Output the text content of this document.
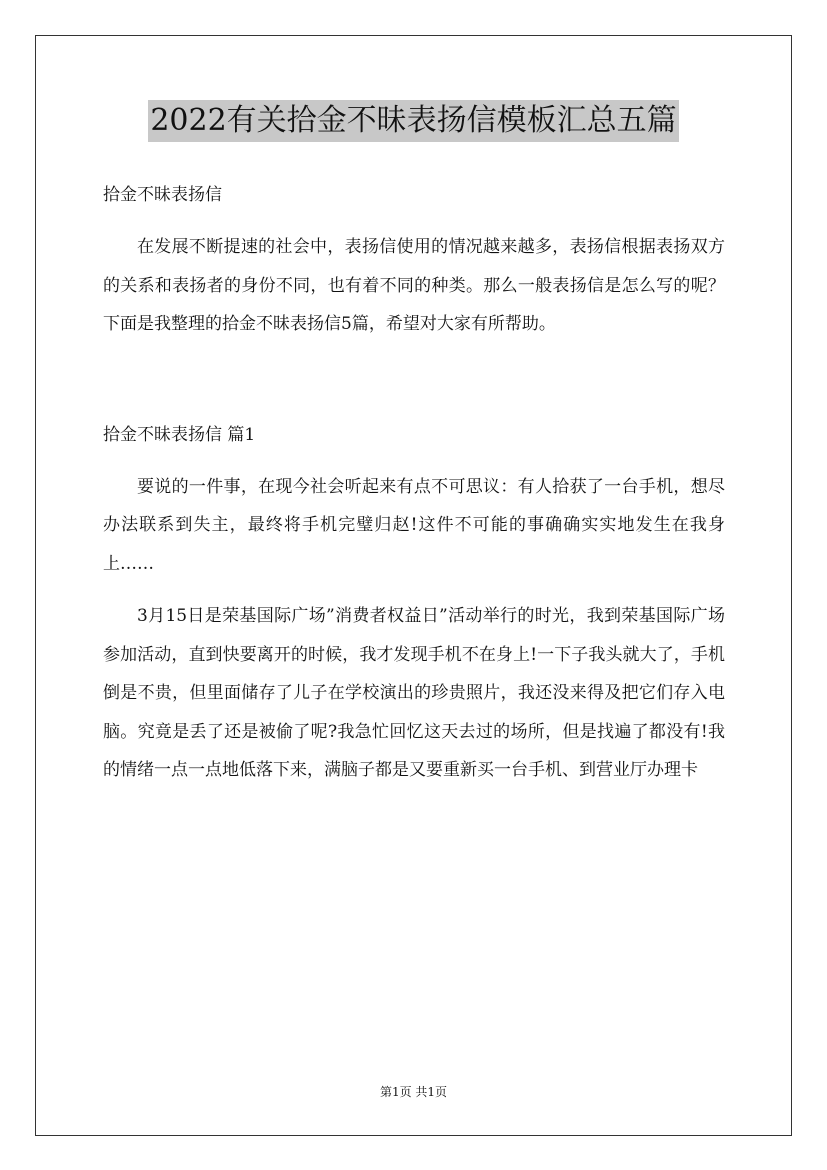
2022有关拾金不昧表扬信模板汇总五篇

拾金不昧表扬信

在发展不断提速的社会中，表扬信使用的情况越来越多，表扬信根据表扬双方的关系和表扬者的身份不同，也有着不同的种类。那么一般表扬信是怎么写的呢？下面是我整理的拾金不昧表扬信5篇，希望对大家有所帮助。

拾金不昧表扬信 篇1

要说的一件事，在现今社会听起来有点不可思议：有人拾获了一台手机，想尽办法联系到失主，最终将手机完璧归赵!这件不可能的事确确实实地发生在我身上……

3月15日是荣基国际广场”消费者权益日”活动举行的时光，我到荣基国际广场参加活动，直到快要离开的时候，我才发现手机不在身上!一下子我头就大了，手机倒是不贵，但里面储存了儿子在学校演出的珍贵照片，我还没来得及把它们存入电脑。究竟是丢了还是被偷了呢?我急忙回忆这天去过的场所，但是找遍了都没有!我的情绪一点一点地低落下来，满脑子都是又要重新买一台手机、到营业厅办理卡

第1页 共1页
